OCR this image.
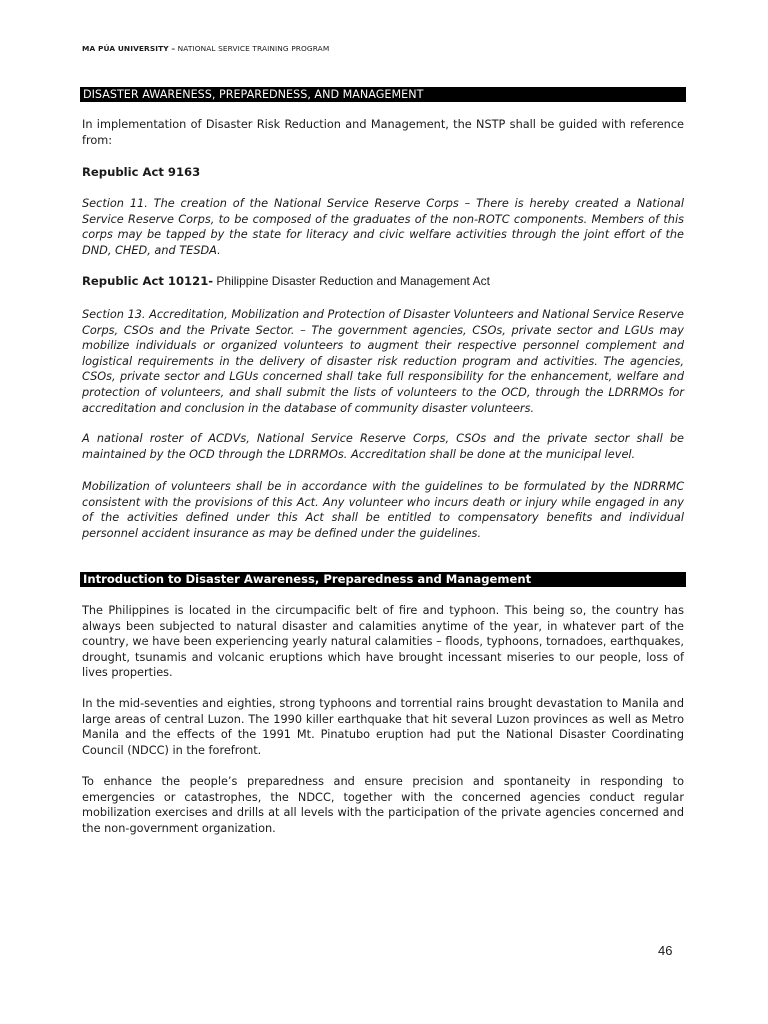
MA PÚA UNIVERSITY – NATIONAL SERVICE TRAINING PROGRAM
DISASTER AWARENESS, PREPAREDNESS, AND MANAGEMENT

In implementation of Disaster Risk Reduction and Management, the NSTP shall be guided with reference from:

Republic Act 9163

Section 11. The creation of the National Service Reserve Corps – There is hereby created a National Service Reserve Corps, to be composed of the graduates of the non-ROTC components. Members of this corps may be tapped by the state for literacy and civic welfare activities through the joint effort of the DND, CHED, and TESDA.

Republic Act 10121- Philippine Disaster Reduction and Management Act

Section 13. Accreditation, Mobilization and Protection of Disaster Volunteers and National Service Reserve Corps, CSOs and the Private Sector. – The government agencies, CSOs, private sector and LGUs may mobilize individuals or organized volunteers to augment their respective personnel complement and logistical requirements in the delivery of disaster risk reduction program and activities. The agencies, CSOs, private sector and LGUs concerned shall take full responsibility for the enhancement, welfare and protection of volunteers, and shall submit the lists of volunteers to the OCD, through the LDRRMOs for accreditation and conclusion in the database of community disaster volunteers.

A national roster of ACDVs, National Service Reserve Corps, CSOs and the private sector shall be maintained by the OCD through the LDRRMOs. Accreditation shall be done at the municipal level.

Mobilization of volunteers shall be in accordance with the guidelines to be formulated by the NDRRMC consistent with the provisions of this Act. Any volunteer who incurs death or injury while engaged in any of the activities defined under this Act shall be entitled to compensatory benefits and individual personnel accident insurance as may be defined under the guidelines.

Introduction to Disaster Awareness, Preparedness and Management

The Philippines is located in the circumpacific belt of fire and typhoon. This being so, the country has always been subjected to natural disaster and calamities anytime of the year, in whatever part of the country, we have been experiencing yearly natural calamities – floods, typhoons, tornadoes, earthquakes, drought, tsunamis and volcanic eruptions which have brought incessant miseries to our people, loss of lives properties.

In the mid-seventies and eighties, strong typhoons and torrential rains brought devastation to Manila and large areas of central Luzon. The 1990 killer earthquake that hit several Luzon provinces as well as Metro Manila and the effects of the 1991 Mt. Pinatubo eruption had put the National Disaster Coordinating Council (NDCC) in the forefront.

To enhance the people’s preparedness and ensure precision and spontaneity in responding to emergencies or catastrophes, the NDCC, together with the concerned agencies conduct regular mobilization exercises and drills at all levels with the participation of the private agencies concerned and the non-government organization.

46
